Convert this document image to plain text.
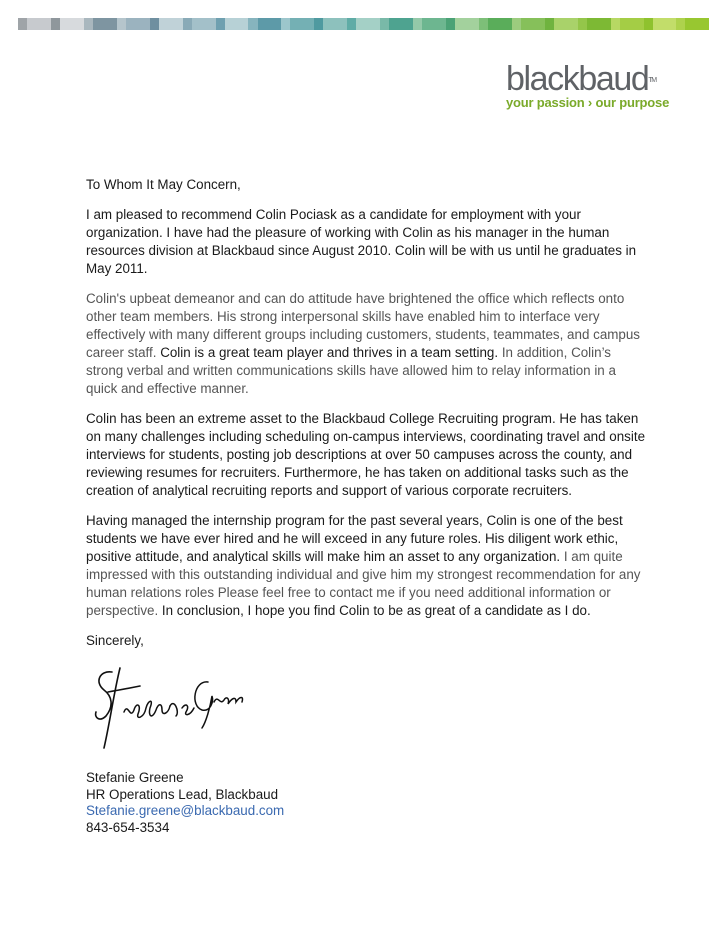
blackbaud™
your passion › our purpose

To Whom It May Concern,

I am pleased to recommend Colin Pociask as a candidate for employment with your organization. I have had the pleasure of working with Colin as his manager in the human resources division at Blackbaud since August 2010. Colin will be with us until he graduates in May 2011.

Colin's upbeat demeanor and can do attitude have brightened the office which reflects onto other team members. His strong interpersonal skills have enabled him to interface very effectively with many different groups including customers, students, teammates, and campus career staff. Colin is a great team player and thrives in a team setting. In addition, Colin’s strong verbal and written communications skills have allowed him to relay information in a quick and effective manner.

Colin has been an extreme asset to the Blackbaud College Recruiting program. He has taken on many challenges including scheduling on-campus interviews, coordinating travel and onsite interviews for students, posting job descriptions at over 50 campuses across the county, and reviewing resumes for recruiters. Furthermore, he has taken on additional tasks such as the creation of analytical recruiting reports and support of various corporate recruiters.

Having managed the internship program for the past several years, Colin is one of the best students we have ever hired and he will exceed in any future roles. His diligent work ethic, positive attitude, and analytical skills will make him an asset to any organization. I am quite impressed with this outstanding individual and give him my strongest recommendation for any human relations roles Please feel free to contact me if you need additional information or perspective. In conclusion, I hope you find Colin to be as great of a candidate as I do.

Sincerely,

Stefanie Greene
HR Operations Lead, Blackbaud
Stefanie.greene@blackbaud.com
843-654-3534
